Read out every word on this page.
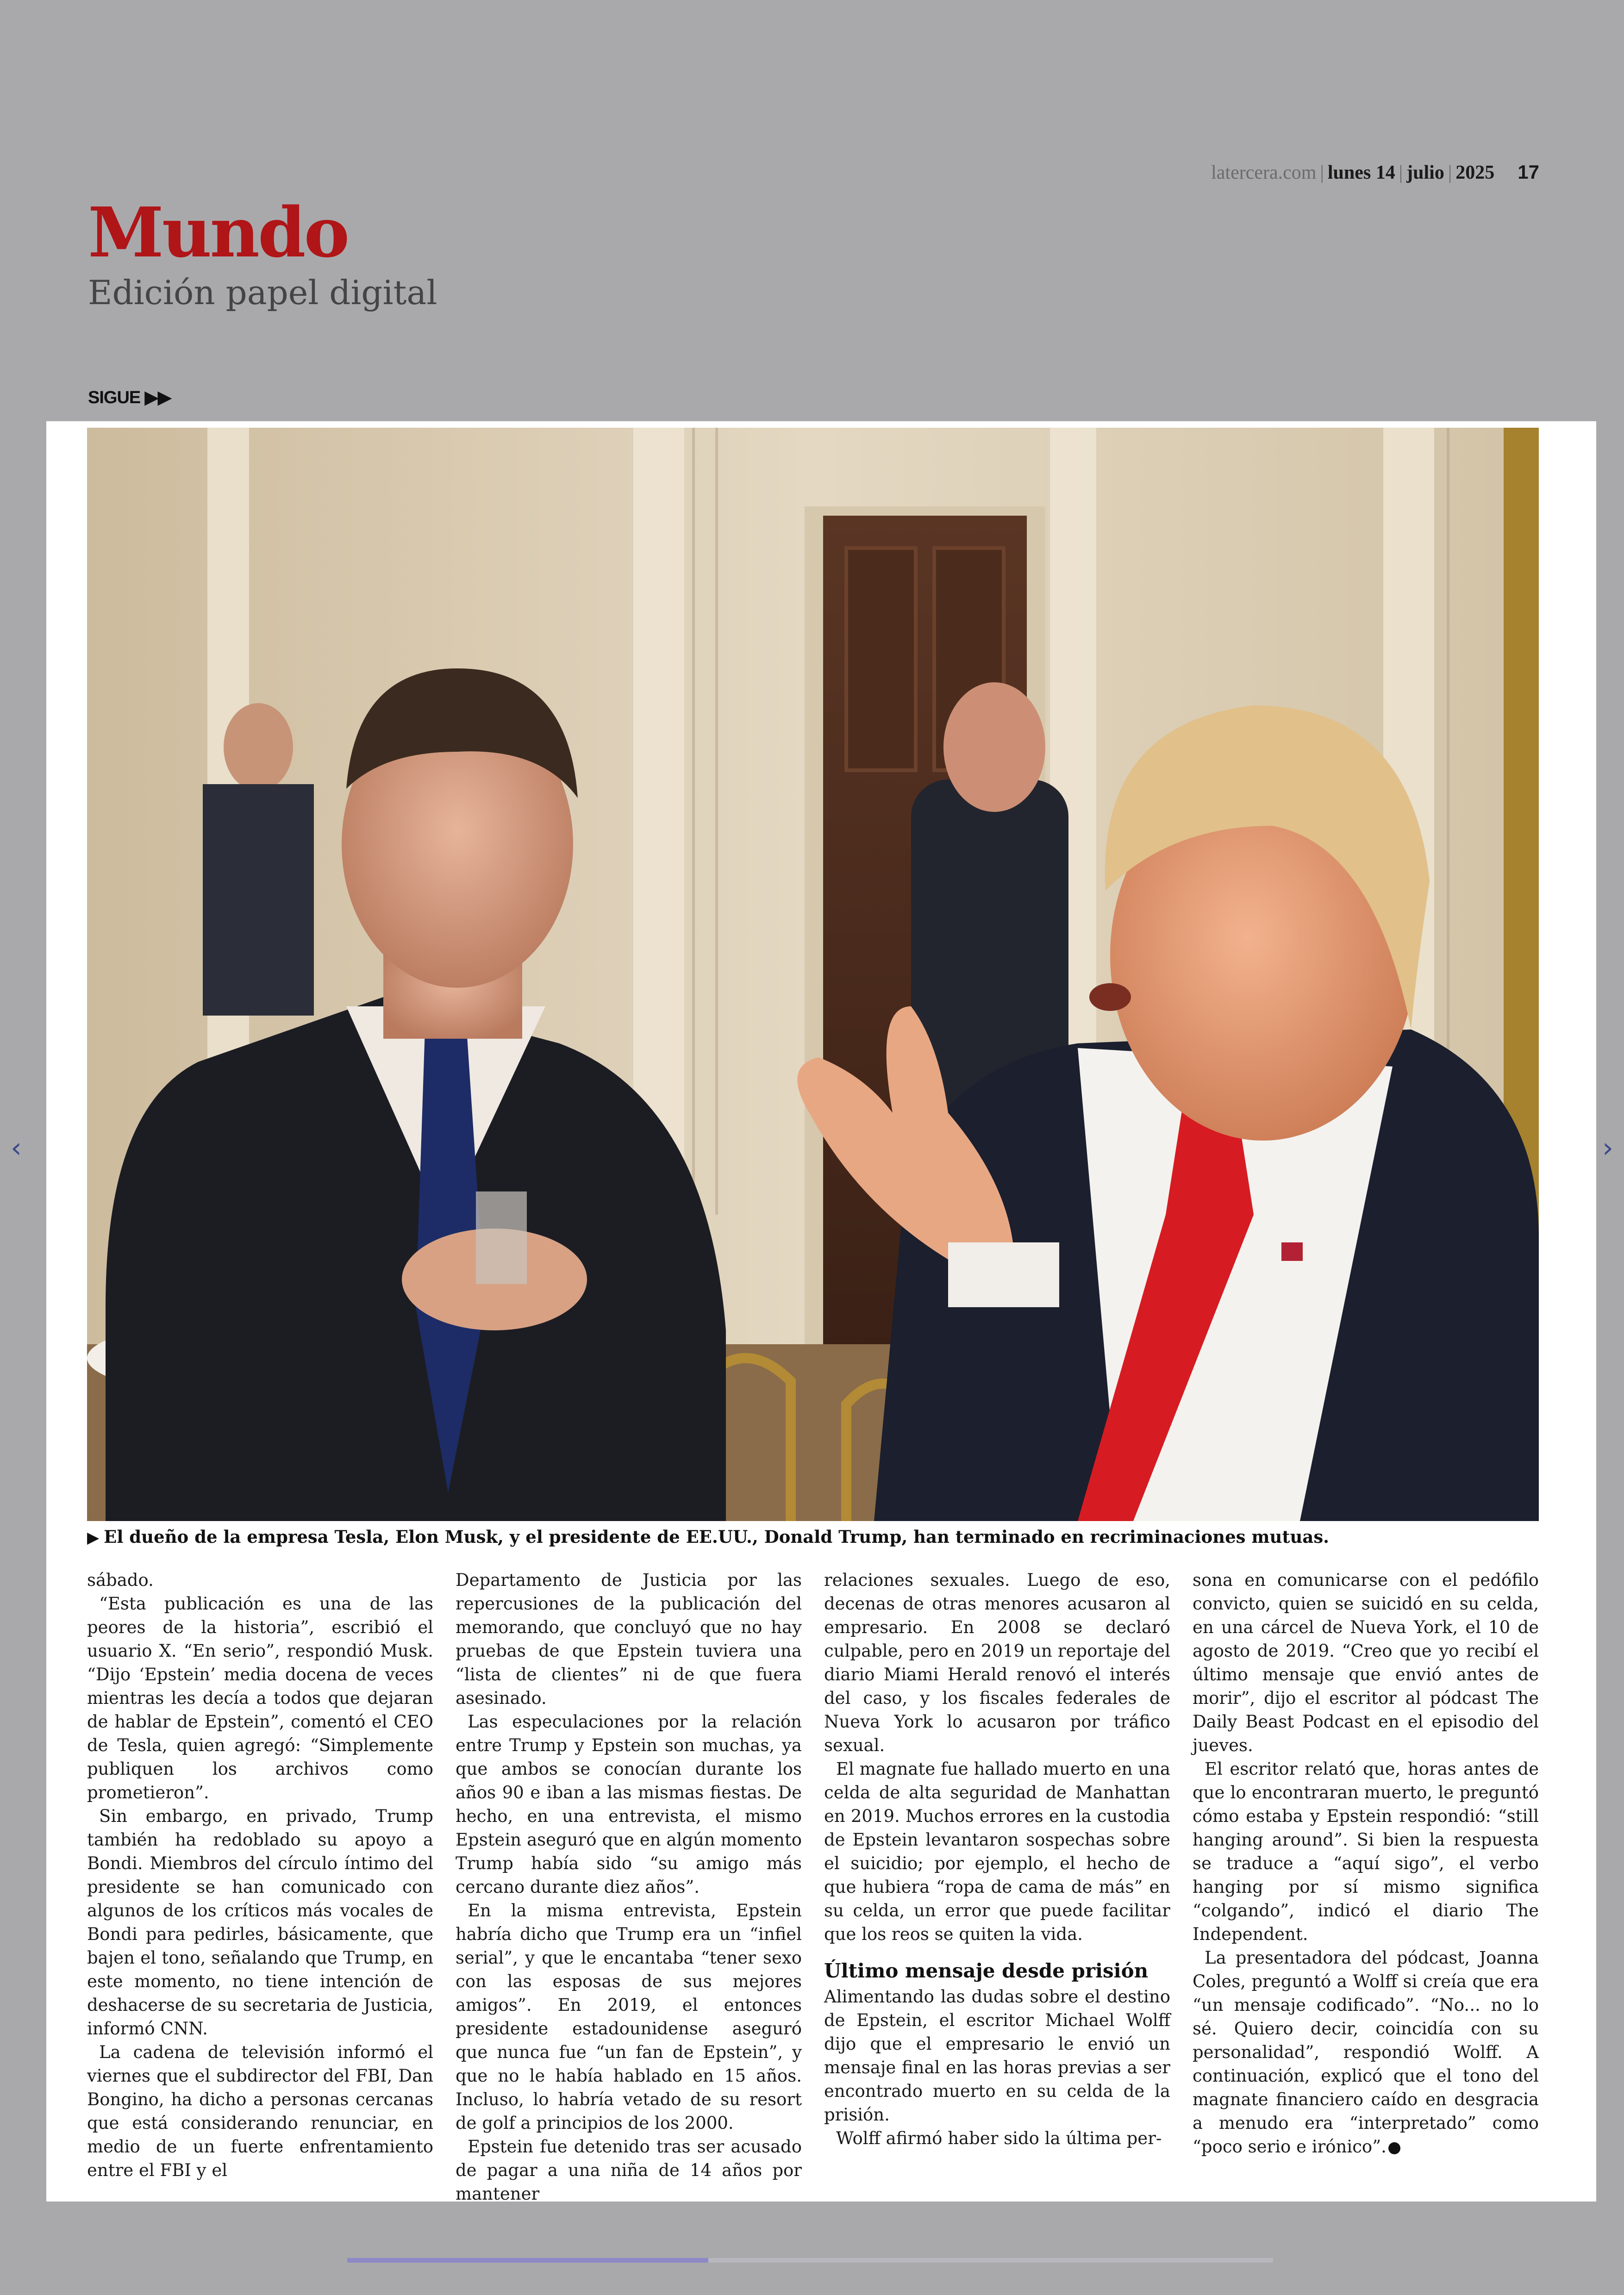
latercera.com | lunes 14 | julio | 2025 17
Mundo
Edición papel digital
SIGUE ▶▶
‹	›
▶ El dueño de la empresa Tesla, Elon Musk, y el presidente de EE.UU., Donald Trump, han terminado en recriminaciones mutuas.

sábado.

“Esta publicación es una de las peores de la historia”, escribió el usuario X. “En serio”, respondió Musk. “Dijo ‘Epstein’ media docena de veces mientras les decía a todos que dejaran de hablar de Epstein”, comentó el CEO de Tesla, quien agregó: “Simplemente publiquen los archivos como prometieron”.

Sin embargo, en privado, Trump también ha redoblado su apoyo a Bondi. Miembros del círculo íntimo del presidente se han comunicado con algunos de los críticos más vocales de Bondi para pedirles, básicamente, que bajen el tono, señalando que Trump, en este momento, no tiene intención de deshacerse de su secretaria de Justicia, informó CNN.

La cadena de televisión informó el viernes que el subdirector del FBI, Dan Bongino, ha dicho a personas cercanas que está considerando renunciar, en medio de un fuerte enfrentamiento entre el FBI y el

Departamento de Justicia por las repercusiones de la publicación del memorando, que concluyó que no hay pruebas de que Epstein tuviera una “lista de clientes” ni de que fuera asesinado.

Las especulaciones por la relación entre Trump y Epstein son muchas, ya que ambos se conocían durante los años 90 e iban a las mismas fiestas. De hecho, en una entrevista, el mismo Epstein aseguró que en algún momento Trump había sido “su amigo más cercano durante diez años”.

En la misma entrevista, Epstein habría dicho que Trump era un “infiel serial”, y que le encantaba “tener sexo con las esposas de sus mejores amigos”. En 2019, el entonces presidente estadounidense aseguró que nunca fue “un fan de Epstein”, y que no le había hablado en 15 años. Incluso, lo habría vetado de su resort de golf a principios de los 2000.

Epstein fue detenido tras ser acusado de pagar a una niña de 14 años por mantener

relaciones sexuales. Luego de eso, decenas de otras menores acusaron al empresario. En 2008 se declaró culpable, pero en 2019 un reportaje del diario Miami Herald renovó el interés del caso, y los fiscales federales de Nueva York lo acusaron por tráfico sexual.

El magnate fue hallado muerto en una celda de alta seguridad de Manhattan en 2019. Muchos errores en la custodia de Epstein levantaron sospechas sobre el suicidio; por ejemplo, el hecho de que hubiera “ropa de cama de más” en su celda, un error que puede facilitar que los reos se quiten la vida.

Último mensaje desde prisión

Alimentando las dudas sobre el destino de Epstein, el escritor Michael Wolff dijo que el empresario le envió un mensaje final en las horas previas a ser encontrado muerto en su celda de la prisión.

Wolff afirmó haber sido la última per-

sona en comunicarse con el pedófilo convicto, quien se suicidó en su celda, en una cárcel de Nueva York, el 10 de agosto de 2019. “Creo que yo recibí el último mensaje que envió antes de morir”, dijo el escritor al pódcast The Daily Beast Podcast en el episodio del jueves.

El escritor relató que, horas antes de que lo encontraran muerto, le preguntó cómo estaba y Epstein respondió: “still hanging around”. Si bien la respuesta se traduce a “aquí sigo”, el verbo hanging por sí mismo significa “colgando”, indicó el diario The Independent.

La presentadora del pódcast, Joanna Coles, preguntó a Wolff si creía que era “un mensaje codificado”. “No... no lo sé. Quiero decir, coincidía con su personalidad”, respondió Wolff. A continuación, explicó que el tono del magnate financiero caído en desgracia a menudo era “interpretado” como “poco serio e irónico”.
